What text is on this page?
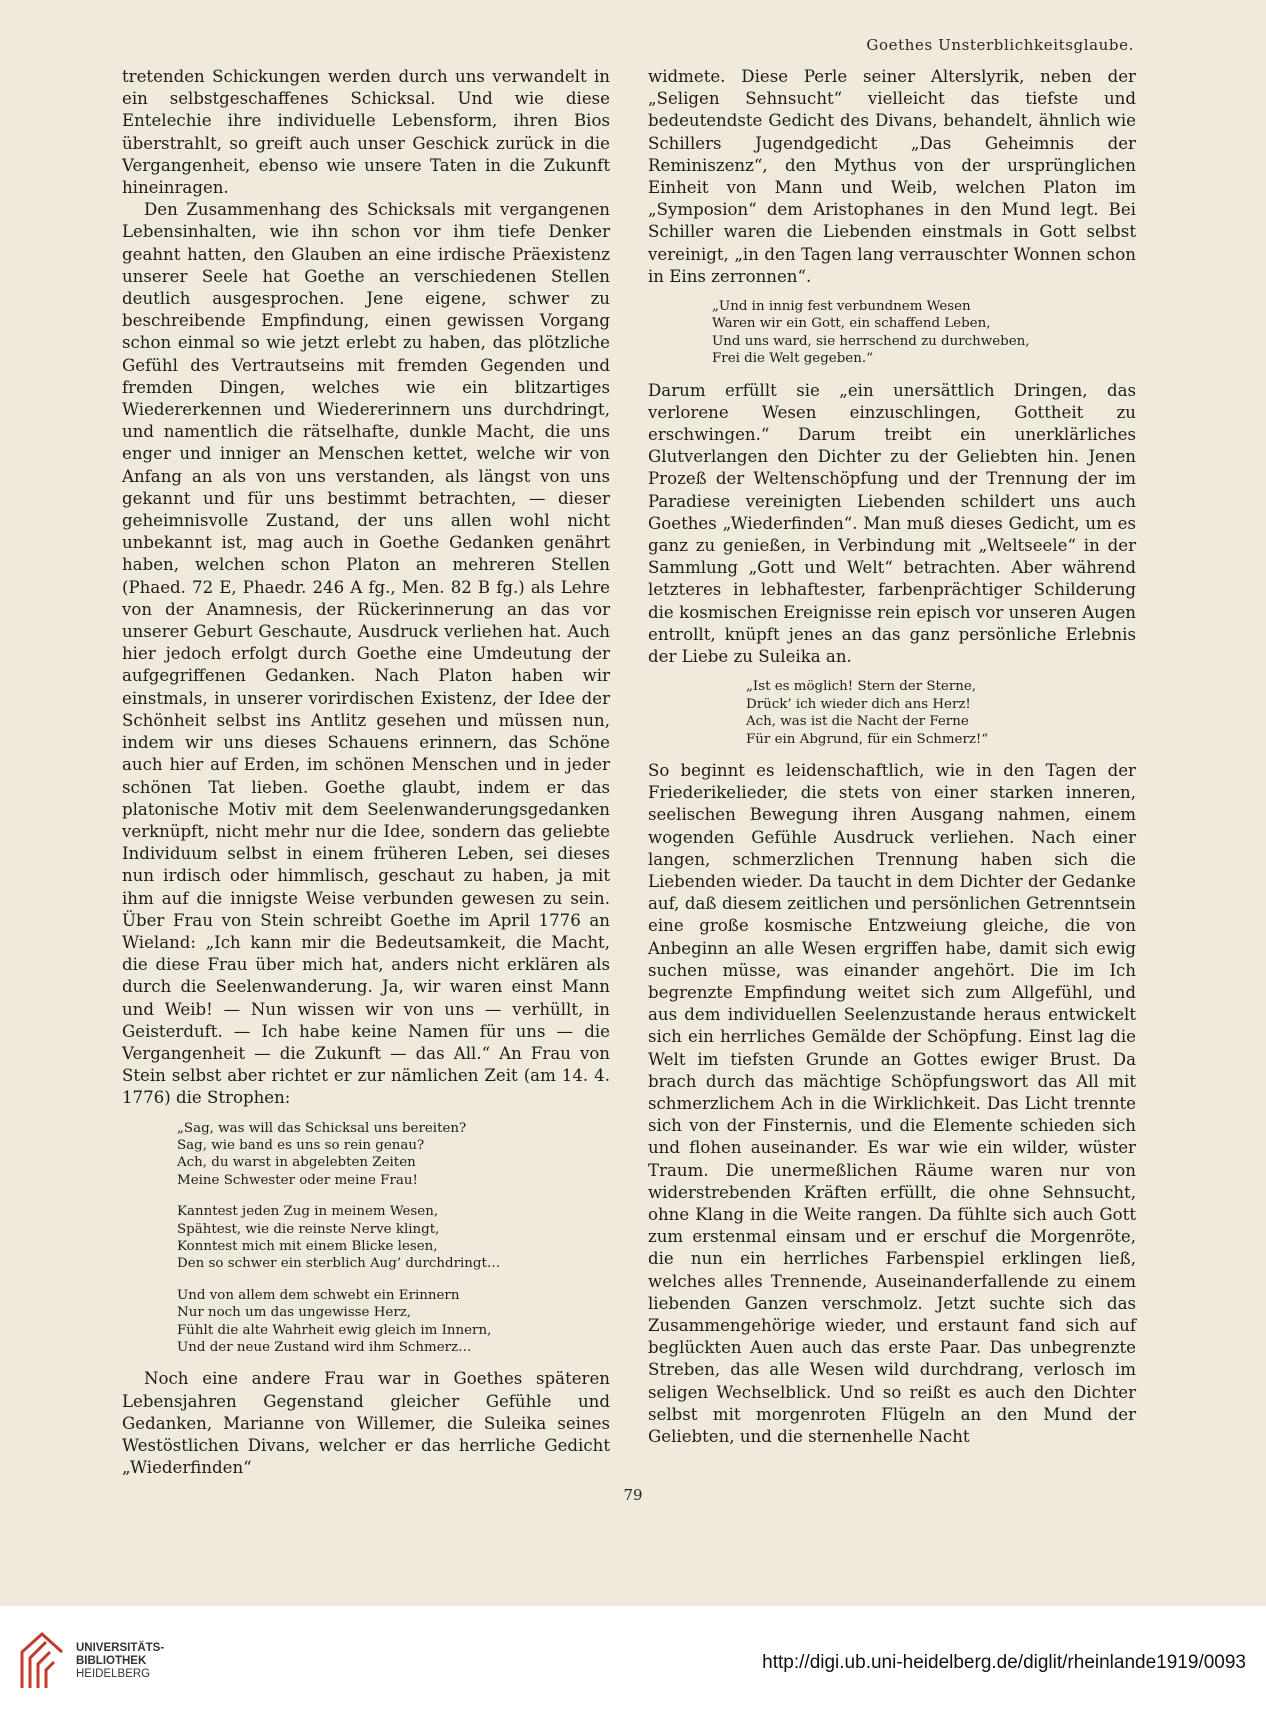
Goethes Unsterblichkeitsglaube.

tretenden Schickungen werden durch uns verwandelt in ein selbstgeschaffenes Schicksal. Und wie diese Entelechie ihre individuelle Lebensform, ihren Bios überstrahlt, so greift auch unser Geschick zurück in die Vergangenheit, ebenso wie unsere Taten in die Zukunft hineinragen.

Den Zusammenhang des Schicksals mit vergangenen Lebensinhalten, wie ihn schon vor ihm tiefe Denker geahnt hatten, den Glauben an eine irdische Präexistenz unserer Seele hat Goethe an verschiedenen Stellen deutlich ausgesprochen. Jene eigene, schwer zu beschreibende Empfindung, einen gewissen Vorgang schon einmal so wie jetzt erlebt zu haben, das plötzliche Gefühl des Vertrautseins mit fremden Gegenden und fremden Dingen, welches wie ein blitzartiges Wiedererkennen und Wiedererinnern uns durchdringt, und namentlich die rätselhafte, dunkle Macht, die uns enger und inniger an Menschen kettet, welche wir von Anfang an als von uns verstanden, als längst von uns gekannt und für uns bestimmt betrachten, — dieser geheimnisvolle Zustand, der uns allen wohl nicht unbekannt ist, mag auch in Goethe Gedanken genährt haben, welchen schon Platon an mehreren Stellen (Phaed. 72 E, Phaedr. 246 A fg., Men. 82 B fg.) als Lehre von der Anamnesis, der Rückerinnerung an das vor unserer Geburt Geschaute, Ausdruck verliehen hat. Auch hier jedoch erfolgt durch Goethe eine Umdeutung der aufgegriffenen Gedanken. Nach Platon haben wir einstmals, in unserer vorirdischen Existenz, der Idee der Schönheit selbst ins Antlitz gesehen und müssen nun, indem wir uns dieses Schauens erinnern, das Schöne auch hier auf Erden, im schönen Menschen und in jeder schönen Tat lieben. Goethe glaubt, indem er das platonische Motiv mit dem Seelenwanderungsgedanken verknüpft, nicht mehr nur die Idee, sondern das geliebte Individuum selbst in einem früheren Leben, sei dieses nun irdisch oder himmlisch, geschaut zu haben, ja mit ihm auf die innigste Weise verbunden gewesen zu sein. Über Frau von Stein schreibt Goethe im April 1776 an Wieland: „Ich kann mir die Bedeutsamkeit, die Macht, die diese Frau über mich hat, anders nicht erklären als durch die Seelenwanderung. Ja, wir waren einst Mann und Weib! — Nun wissen wir von uns — verhüllt, in Geisterduft. — Ich habe keine Namen für uns — die Vergangenheit — die Zukunft — das All.“ An Frau von Stein selbst aber richtet er zur nämlichen Zeit (am 14. 4. 1776) die Strophen:

„Sag, was will das Schicksal uns bereiten?
Sag, wie band es uns so rein genau?
Ach, du warst in abgelebten Zeiten
Meine Schwester oder meine Frau!
Kanntest jeden Zug in meinem Wesen,
Spähtest, wie die reinste Nerve klingt,
Konntest mich mit einem Blicke lesen,
Den so schwer ein sterblich Aug’ durchdringt…
Und von allem dem schwebt ein Erinnern
Nur noch um das ungewisse Herz,
Fühlt die alte Wahrheit ewig gleich im Innern,
Und der neue Zustand wird ihm Schmerz…

Noch eine andere Frau war in Goethes späteren Lebensjahren Gegenstand gleicher Gefühle und Gedanken, Marianne von Willemer, die Suleika seines Westöstlichen Divans, welcher er das herrliche Gedicht „Wiederfinden“

widmete. Diese Perle seiner Alterslyrik, neben der „Seligen Sehnsucht“ vielleicht das tiefste und bedeutendste Gedicht des Divans, behandelt, ähnlich wie Schillers Jugendgedicht „Das Geheimnis der Reminiszenz“, den Mythus von der ursprünglichen Einheit von Mann und Weib, welchen Platon im „Symposion“ dem Aristophanes in den Mund legt. Bei Schiller waren die Liebenden einstmals in Gott selbst vereinigt, „in den Tagen lang verrauschter Wonnen schon in Eins zerronnen“.

„Und in innig fest verbundnem Wesen
Waren wir ein Gott, ein schaffend Leben,
Und uns ward, sie herrschend zu durchweben,
Frei die Welt gegeben.“

Darum erfüllt sie „ein unersättlich Dringen, das verlorene Wesen einzuschlingen, Gottheit zu erschwingen.“ Darum treibt ein unerklärliches Glutverlangen den Dichter zu der Geliebten hin. Jenen Prozeß der Weltenschöpfung und der Trennung der im Paradiese vereinigten Liebenden schildert uns auch Goethes „Wiederfinden“. Man muß dieses Gedicht, um es ganz zu genießen, in Verbindung mit „Weltseele“ in der Sammlung „Gott und Welt“ betrachten. Aber während letzteres in lebhaftester, farbenprächtiger Schilderung die kosmischen Ereignisse rein episch vor unseren Augen entrollt, knüpft jenes an das ganz persönliche Erlebnis der Liebe zu Suleika an.

„Ist es möglich! Stern der Sterne,
Drück’ ich wieder dich ans Herz!
Ach, was ist die Nacht der Ferne
Für ein Abgrund, für ein Schmerz!“

So beginnt es leidenschaftlich, wie in den Tagen der Friederikelieder, die stets von einer starken inneren, seelischen Bewegung ihren Ausgang nahmen, einem wogenden Gefühle Ausdruck verliehen. Nach einer langen, schmerzlichen Trennung haben sich die Liebenden wieder. Da taucht in dem Dichter der Gedanke auf, daß diesem zeitlichen und persönlichen Getrenntsein eine große kosmische Entzweiung gleiche, die von Anbeginn an alle Wesen ergriffen habe, damit sich ewig suchen müsse, was einander angehört. Die im Ich begrenzte Empfindung weitet sich zum Allgefühl, und aus dem individuellen Seelenzustande heraus entwickelt sich ein herrliches Gemälde der Schöpfung. Einst lag die Welt im tiefsten Grunde an Gottes ewiger Brust. Da brach durch das mächtige Schöpfungswort das All mit schmerzlichem Ach in die Wirklichkeit. Das Licht trennte sich von der Finsternis, und die Elemente schieden sich und flohen auseinander. Es war wie ein wilder, wüster Traum. Die unermeßlichen Räume waren nur von widerstrebenden Kräften erfüllt, die ohne Sehnsucht, ohne Klang in die Weite rangen. Da fühlte sich auch Gott zum erstenmal einsam und er erschuf die Morgenröte, die nun ein herrliches Farbenspiel erklingen ließ, welches alles Trennende, Auseinanderfallende zu einem liebenden Ganzen verschmolz. Jetzt suchte sich das Zusammengehörige wieder, und erstaunt fand sich auf beglückten Auen auch das erste Paar. Das unbegrenzte Streben, das alle Wesen wild durchdrang, verlosch im seligen Wechselblick. Und so reißt es auch den Dichter selbst mit morgenroten Flügeln an den Mund der Geliebten, und die sternenhelle Nacht

79
UNIVERSITÄTS-
BIBLIOTHEK
HEIDELBERG
http://digi.ub.uni-heidelberg.de/diglit/rheinlande1919/0093
